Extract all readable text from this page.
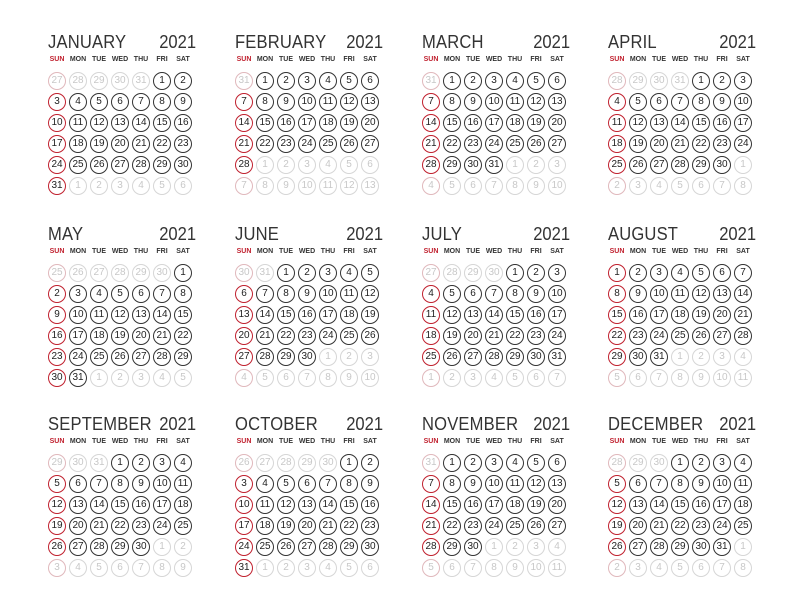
JANUARY 2021
SUN MON TUE WED THU	FRI	SAT
27 28 29 30 31	1	2
3	4	5	6	7	8	9
10	11	12 13 14 15 16
17 18 19 20 21 22 23
24 25 26 27 28 29 30
31	1	2	3	4	5	6
FEBRUARY 2021
SUN MON TUE WED THU	FRI	SAT
31	1	2	3	4	5	6
7	8	9	10	11	12 13
14 15 16 17 18 19 20
21 22 23 24 25 26 27
28	1	2	3	4	5	6
7	8	9	10	11	12 13
MARCH	2021
SUN MON TUE WED THU	FRI	SAT
31	1	2	3	4	5	6
7	8	9	10	11	12 13
14 15 16 17 18 19 20
21 22 23 24 25 26 27
28 29 30 31	1	2	3
4	5	6	7	8	9	10
APRIL	2021
SUN MON TUE WED THU	FRI	SAT
28 29 30 31	1	2	3
4	5	6	7	8	9	10
11	12 13 14 15 16 17
18 19 20 21 22 23 24
25 26 27 28 29 30	1
2	3	4	5	6	7	8
MAY	2021
SUN MON TUE WED THU	FRI	SAT
25 26 27 28 29 30	1
2	3	4	5	6	7	8
9	10	11	12 13 14 15
16 17 18 19 20 21 22
23 24 25 26 27 28 29
30 31	1	2	3	4	5
JUNE	2021
SUN MON TUE WED THU	FRI	SAT
30 31	1	2	3	4	5
6	7	8	9	10	11	12
13 14 15 16 17 18 19
20 21 22 23 24 25 26
27 28 29 30	1	2	3
4	5	6	7	8	9	10
JULY	2021
SUN MON TUE WED THU	FRI	SAT
27 28 29 30	1	2	3
4	5	6	7	8	9	10
11	12 13 14 15 16 17
18 19 20 21 22 23 24
25 26 27 28 29 30 31
1	2	3	4	5	6	7
AUGUST 2021
SUN MON TUE WED THU	FRI	SAT
1	2	3	4	5	6	7
8	9	10	11	12 13 14
15 16 17 18 19 20 21
22 23 24 25 26 27 28
29 30 31	1	2	3	4
5	6	7	8	9	10	11
SEPTEMBER 2021
SUN MON TUE WED THU	FRI	SAT
29 30 31	1	2	3	4
5	6	7	8	9	10	11
12 13 14 15 16 17 18
19 20 21 22 23 24 25
26 27 28 29 30	1	2
3	4	5	6	7	8	9
OCTOBER 2021
SUN MON TUE WED THU	FRI	SAT
26 27 28 29 30	1	2
3	4	5	6	7	8	9
10	11	12 13 14 15 16
17 18 19 20 21 22 23
24 25 26 27 28 29 30
31	1	2	3	4	5	6
NOVEMBER 2021
SUN MON TUE WED THU	FRI	SAT
31	1	2	3	4	5	6
7	8	9	10	11	12 13
14 15 16 17 18 19 20
21 22 23 24 25 26 27
28 29 30	1	2	3	4
5	6	7	8	9	10	11
DECEMBER 2021
SUN MON TUE WED THU	FRI	SAT
28 29 30	1	2	3	4
5	6	7	8	9	10	11
12 13 14 15 16 17 18
19 20 21 22 23 24 25
26 27 28 29 30 31	1
2	3	4	5	6	7	8
